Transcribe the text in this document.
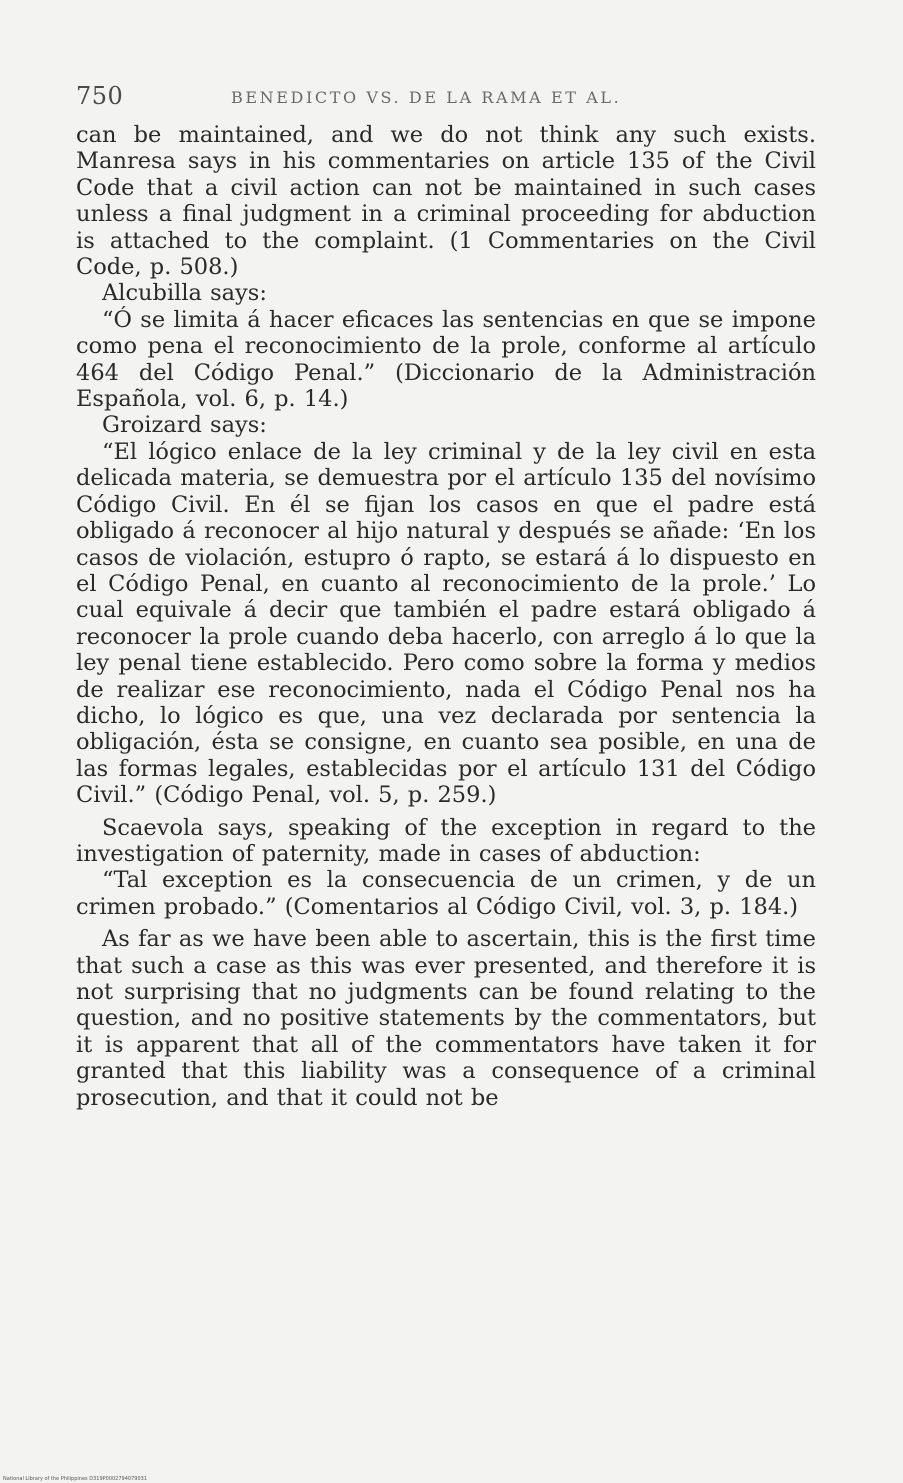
750	BENEDICTO VS. DE LA RAMA ET AL.

can be maintained, and we do not think any such exists. Manresa says in his commentaries on article 135 of the Civil Code that a civil action can not be maintained in such cases unless a final judgment in a criminal proceeding for abduction is attached to the complaint. (1 Commentaries on the Civil Code, p. 508.)

Alcubilla says:

“Ó se limita á hacer eficaces las sentencias en que se impone como pena el reconocimiento de la prole, conforme al artículo 464 del Código Penal.” (Diccionario de la Administración Española, vol. 6, p. 14.)

Groizard says:

“El lógico enlace de la ley criminal y de la ley civil en esta delicada materia, se demuestra por el artículo 135 del novísimo Código Civil. En él se fijan los casos en que el padre está obligado á reconocer al hijo natural y después se añade: ‘En los casos de violación, estupro ó rapto, se estará á lo dispuesto en el Código Penal, en cuanto al reconocimiento de la prole.’ Lo cual equivale á decir que también el padre estará obligado á reconocer la prole cuando deba hacerlo, con arreglo á lo que la ley penal tiene establecido. Pero como sobre la forma y medios de realizar ese reconocimiento, nada el Código Penal nos ha dicho, lo lógico es que, una vez declarada por sentencia la obligación, ésta se consigne, en cuanto sea posible, en una de las formas legales, establecidas por el artículo 131 del Código Civil.” (Código Penal, vol. 5, p. 259.)

Scaevola says, speaking of the exception in regard to the investigation of paternity, made in cases of abduction:

“Tal exception es la consecuencia de un crimen, y de un crimen probado.” (Comentarios al Código Civil, vol. 3, p. 184.)

As far as we have been able to ascertain, this is the first time that such a case as this was ever presented, and therefore it is not surprising that no judgments can be found relating to the question, and no positive statements by the commentators, but it is apparent that all of the commentators have taken it for granted that this liability was a consequence of a criminal prosecution, and that it could not be

National Library of the Philippines D319P0002794079031
